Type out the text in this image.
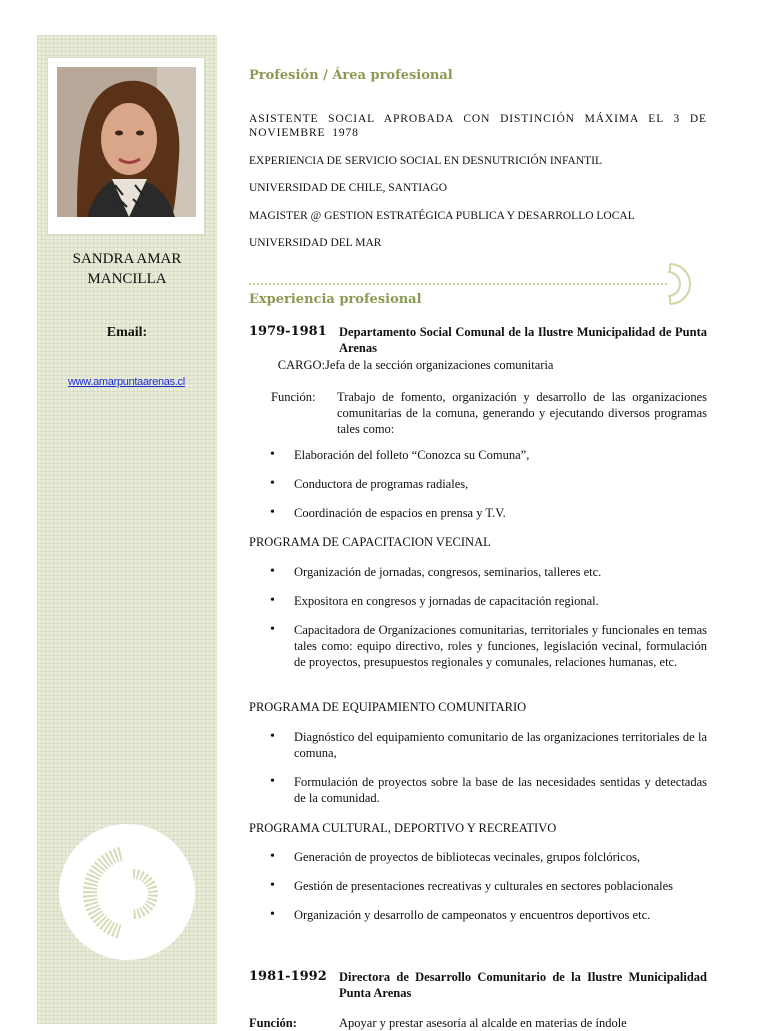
SANDRA AMAR MANCILLA
Email:
www.amarpuntaarenas.cl

Profesión / Área profesional

ASISTENTE SOCIAL APROBADA CON DISTINCIÓN MÁXIMA EL 3 DE NOVIEMBRE 1978

EXPERIENCIA DE SERVICIO SOCIAL EN DESNUTRICIÓN INFANTIL

UNIVERSIDAD DE CHILE, SANTIAGO

MAGISTER @ GESTION ESTRATÉGICA PUBLICA Y DESARROLLO LOCAL

UNIVERSIDAD DEL MAR

Experiencia profesional

1979-1981 Departamento Social Comunal de la Ilustre Municipalidad de Punta Arenas
CARGO: Jefa de la sección organizaciones comunitaria
Función:	Trabajo de fomento, organización y desarrollo de las organizaciones comunitarias de la comuna, generando y ejecutando diversos programas tales como:
• Elaboración del folleto “Conozca su Comuna”,
• Conductora de programas radiales,
• Coordinación de espacios en prensa y T.V.

PROGRAMA DE CAPACITACION VECINAL

• Organización de jornadas, congresos, seminarios, talleres etc.
• Expositora en congresos y jornadas de capacitación regional.
• Capacitadora de Organizaciones comunitarias, territoriales y funcionales en temas tales como: equipo directivo, roles y funciones, legislación vecinal, formulación de proyectos, presupuestos regionales y comunales, relaciones humanas, etc.

PROGRAMA DE EQUIPAMIENTO COMUNITARIO

• Diagnóstico del equipamiento comunitario de las organizaciones territoriales de la comuna,
• Formulación de proyectos sobre la base de las necesidades sentidas y detectadas de la comunidad.

PROGRAMA CULTURAL, DEPORTIVO Y RECREATIVO

• Generación de proyectos de bibliotecas vecinales, grupos folclóricos,
• Gestión de presentaciones recreativas y culturales en sectores poblacionales
• Organización y desarrollo de campeonatos y encuentros deportivos etc.
1981-1992 Directora de Desarrollo Comunitario de la Ilustre Municipalidad Punta Arenas
Función:	Apoyar y prestar asesoría al alcalde en materias de índole
